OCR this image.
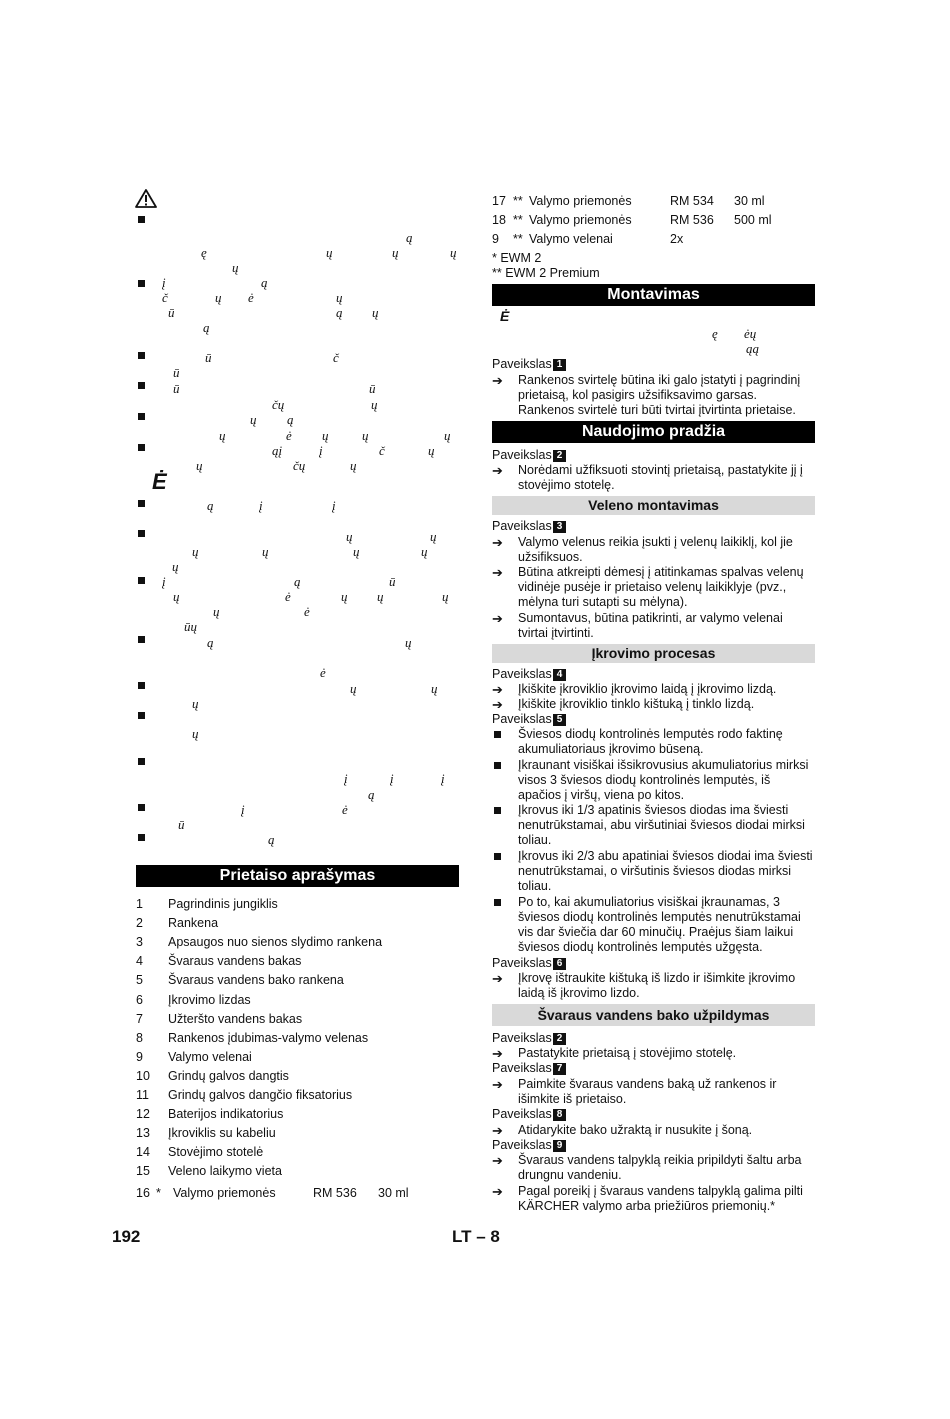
ą
ę	ų	ų	ų
ų
į	ą
č	ų ė	ų
ū	ą ų
ą
ū	č
ū
ū	ū
čų	ų
ų ą
ų	ė ų	ų	ų
ąį	į	č	ų
ų	čų	ų
ą	į	į
ų	ų
ų	ų	ų	ų
ų
į	ą	ū
ų	ė	ų ų	ų
ų	ė
ūų
ą	ų
ė
ų	ų
ų
ų
į	į	į
ą
į	ė
ū
ą
Ė
Prietaiso aprašymas
1 Pagrindinis jungiklis
2 Rankena
3 Apsaugos nuo sienos slydimo rankena
4 Švaraus vandens bakas
5 Švaraus vandens bako rankena
6 Įkrovimo lizdas
7 Užteršto vandens bakas
8 Rankenos įdubimas-valymo velenas
9 Valymo velenai
10 Grindų galvos dangtis
11 Grindų galvos dangčio fiksatorius
12 Baterijos indikatorius
13 Įkroviklis su kabeliu
14 Stovėjimo stotelė
15 Veleno laikymo vieta
16 * Valymo priemonės	RM 536 30 ml
17 ** Valymo priemonės	RM 534 30 ml
18 ** Valymo priemonės	RM 536 500 ml
9 ** Valymo velenai	2x
* EWM 2
** EWM 2 Premium
Montavimas
Ė
ę ėų
ąą
Paveikslas 1
➔ Rankenos svirtelę būtina iki galo įstatyti į pagrindinį prietaisą, kol pasigirs užsifiksavimo garsas. Rankenos svirtelė turi būti tvirtai įtvirtinta prietaise.
Naudojimo pradžia
Paveikslas 2
➔ Norėdami užfiksuoti stovintį prietaisą, pastatykite jį į stovėjimo stotelę.
Veleno montavimas
Paveikslas 3
➔ Valymo velenus reikia įsukti į velenų laikiklį, kol jie užsifiksuos.
➔ Būtina atkreipti dėmesį į atitinkamas spalvas velenų vidinėje pusėje ir prietaiso velenų laikiklyje (pvz., mėlyna turi sutapti su mėlyna).
➔ Sumontavus, būtina patikrinti, ar valymo velenai tvirtai įtvirtinti.
Įkrovimo procesas
Paveikslas 4
➔ Įkiškite įkroviklio įkrovimo laidą į įkrovimo lizdą.
➔ Įkiškite įkroviklio tinklo kištuką į tinklo lizdą.
Paveikslas 5
Šviesos diodų kontrolinės lemputės rodo faktinę akumuliatoriaus įkrovimo būseną.
Įkraunant visiškai išsikrovusius akumuliatorius mirksi visos 3 šviesos diodų kontrolinės lemputės, iš apačios į viršų, viena po kitos.
Įkrovus iki 1/3 apatinis šviesos diodas ima šviesti nenutrūkstamai, abu viršutiniai šviesos diodai mirksi toliau.
Įkrovus iki 2/3 abu apatiniai šviesos diodai ima šviesti nenutrūkstamai, o viršutinis šviesos diodas mirksi toliau.
Po to, kai akumuliatorius visiškai įkraunamas, 3 šviesos diodų kontrolinės lemputės nenutrūkstamai vis dar šviečia dar 60 minučių. Praėjus šiam laikui šviesos diodų kontrolinės lemputės užgęsta.
Paveikslas 6
➔ Įkrovę ištraukite kištuką iš lizdo ir išimkite įkrovimo laidą iš įkrovimo lizdo.
Švaraus vandens bako užpildymas
Paveikslas 2
➔ Pastatykite prietaisą į stovėjimo stotelę.
Paveikslas 7
➔ Paimkite švaraus vandens baką už rankenos ir išimkite iš prietaiso.
Paveikslas 8
➔ Atidarykite bako užraktą ir nusukite į šoną.
Paveikslas 9
➔ Švaraus vandens talpyklą reikia pripildyti šaltu arba drungnu vandeniu.
➔ Pagal poreikį į švaraus vandens talpyklą galima pilti KÄRCHER valymo arba priežiūros priemonių.*
192	LT – 8
